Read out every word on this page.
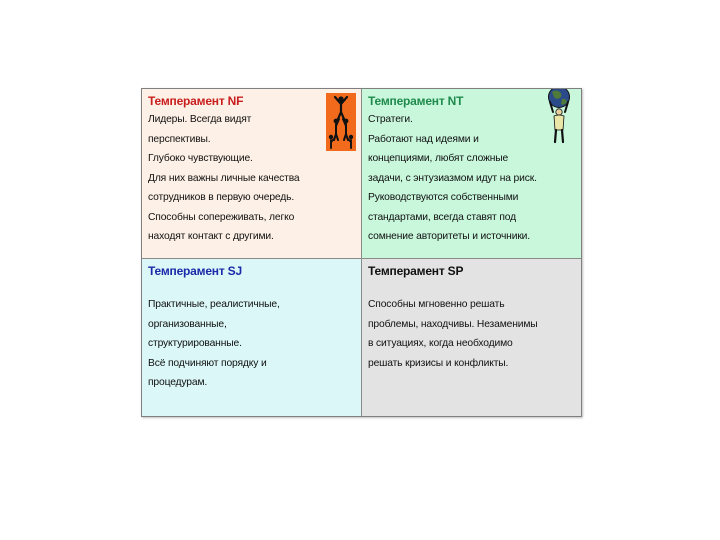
Темперамент NF
Лидеры. Всегда видят
перспективы.
Глубоко чувствующие.
Для них важны личные качества
сотрудников в первую очередь.
Способны сопереживать, легко
находят контакт с другими.
Темперамент NT
Стратеги.
Работают над идеями и
концепциями, любят сложные
задачи, с энтузиазмом идут на риск.
Руководствуются собственными
стандартами, всегда ставят под
сомнение авторитеты и источники.
Темперамент SJ
Практичные, реалистичные,
организованные,
структурированные.
Всё подчиняют порядку и
процедурам.
Темперамент SP
Способны мгновенно решать
проблемы, находчивы. Незаменимы
в ситуациях, когда необходимо
решать кризисы и конфликты.
